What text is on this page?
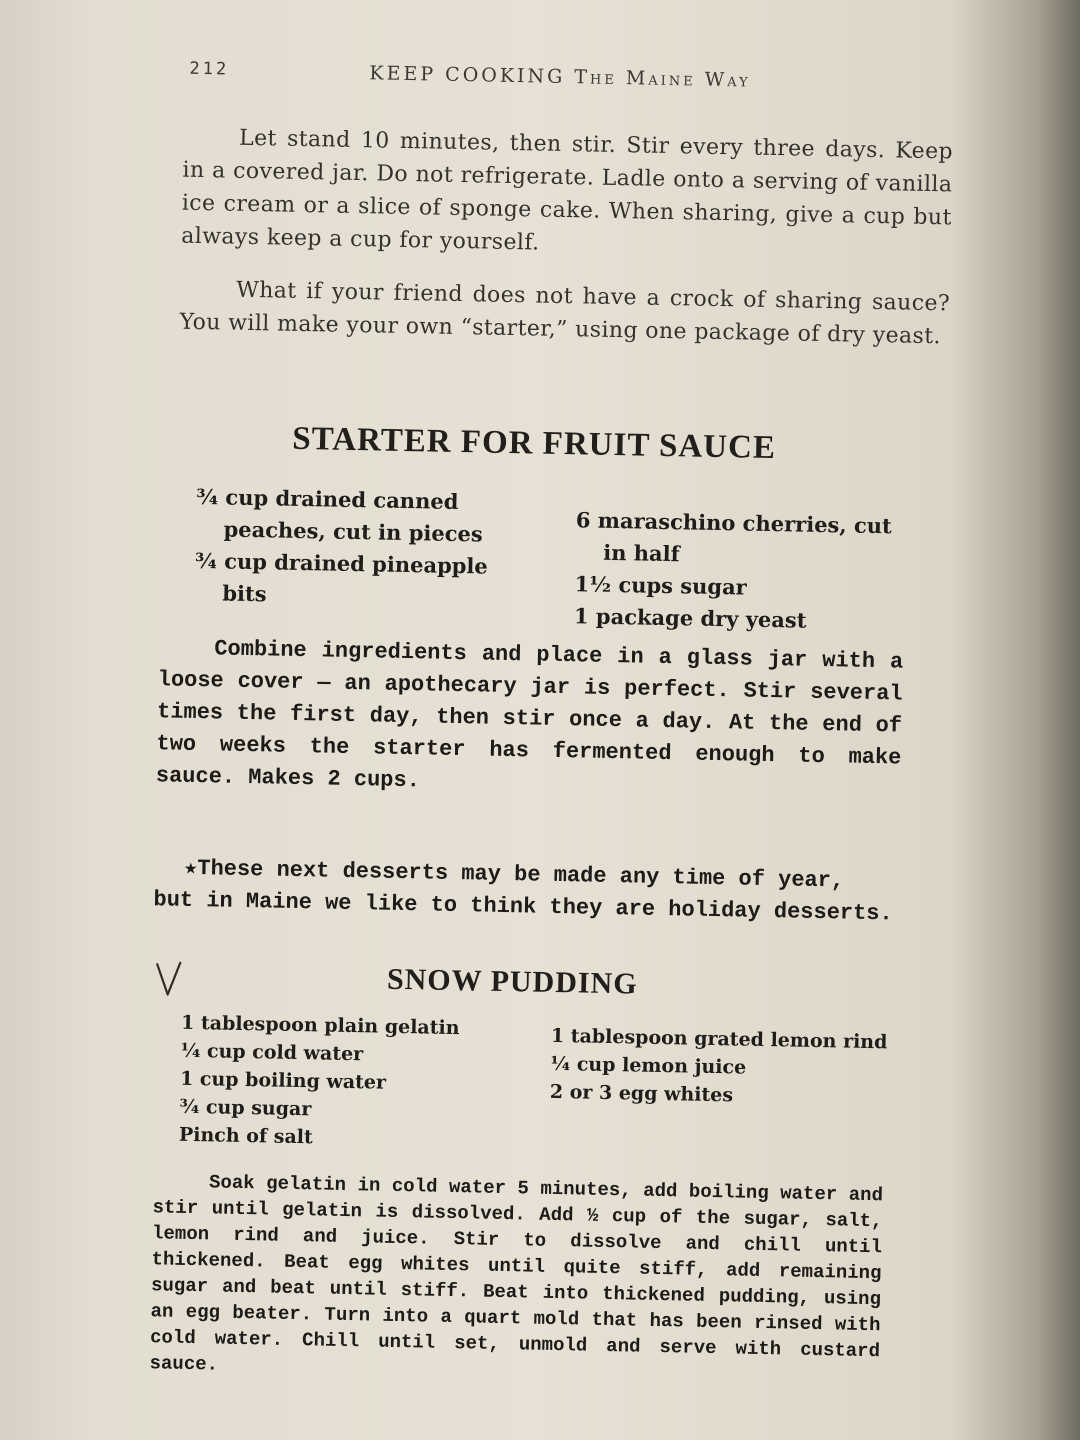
212	KEEP COOKING The Maine Way

Let stand 10 minutes, then stir. Stir every three days. Keep in a covered jar. Do not refrigerate. Ladle onto a serving of vanilla ice cream or a slice of sponge cake. When sharing, give a cup but always keep a cup for yourself.

What if your friend does not have a crock of sharing sauce? You will make your own “starter,” using one package of dry yeast.

STARTER FOR FRUIT SAUCE
¾ cup drained canned peaches, cut in pieces
¾ cup drained pineapple bits
6 maraschino cherries, cut in half
1½ cups sugar
1 package dry yeast

Combine ingredients and place in a glass jar with a loose cover — an apothecary jar is perfect. Stir several times the first day, then stir once a day. At the end of two weeks the starter has fermented enough to make sauce. Makes 2 cups.

★These next desserts may be made any time of year, but in Maine we like to think they are holiday desserts.

SNOW PUDDING
1 tablespoon plain gelatin
¼ cup cold water
1 cup boiling water
¾ cup sugar
Pinch of salt
1 tablespoon grated lemon rind
¼ cup lemon juice
2 or 3 egg whites

Soak gelatin in cold water 5 minutes, add boiling water and stir until gelatin is dissolved. Add ½ cup of the sugar, salt, lemon rind and juice. Stir to dissolve and chill until thickened. Beat egg whites until quite stiff, add remaining sugar and beat until stiff. Beat into thickened pudding, using an egg beater. Turn into a quart mold that has been rinsed with cold water. Chill until set, unmold and serve with custard sauce.
